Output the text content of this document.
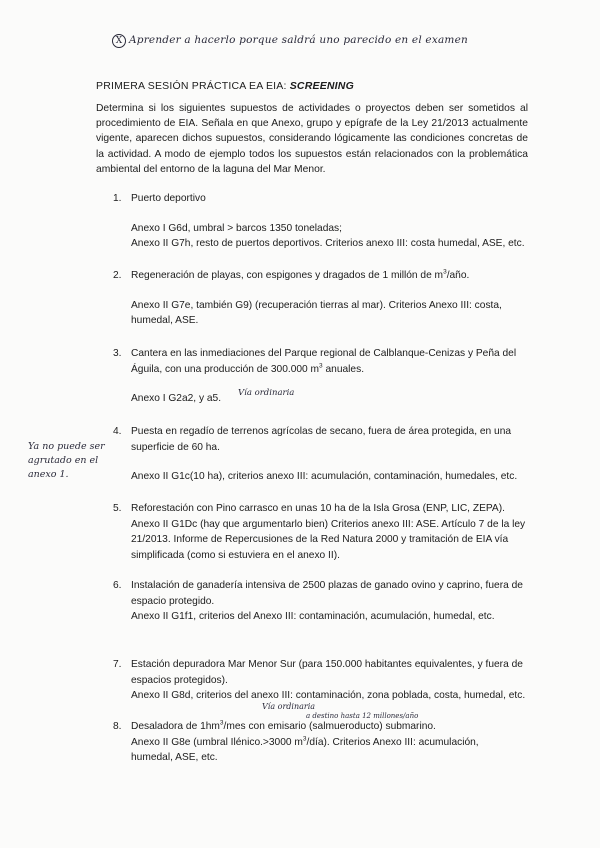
X Aprender a hacerlo porque saldrá uno parecido en el examen
PRIMERA SESIÓN PRÁCTICA EA EIA: SCREENING
Determina si los siguientes supuestos de actividades o proyectos deben ser sometidos al procedimiento de EIA. Señala en que Anexo, grupo y epígrafe de la Ley 21/2013 actualmente vigente, aparecen dichos supuestos, considerando lógicamente las condiciones concretas de la actividad. A modo de ejemplo todos los supuestos están relacionados con la problemática ambiental del entorno de la laguna del Mar Menor.
1. Puerto deportivo

Anexo I G6d, umbral > barcos 1350 toneladas;

Anexo II G7h, resto de puertos deportivos. Criterios anexo III: costa humedal, ASE, etc.

2. Regeneración de playas, con espigones y dragados de 1 millón de $m^3$/año.

Anexo II G7e, también G9) (recuperación tierras al mar). Criterios Anexo III: costa,

humedal, ASE.

3. Cantera en las inmediaciones del Parque regional de Calblanque-Cenizas y Peña del Águila, con una producción de 300.000 $m^3$ anuales.

Anexo I G2a2, y a5.	Vía ordinaria
4. Puesta en regadío de terrenos agrícolas de secano, fuera de área protegida, en una superficie de 60 ha.

Anexo II G1c(10 ha), criterios anexo III: acumulación, contaminación, humedales, etc.

Ya no puede ser agrutado en el anexo 1.
5. Reforestación con Pino carrasco en unas 10 ha de la Isla Grosa (ENP, LIC, ZEPA).

Anexo II G1Dc (hay que argumentarlo bien) Criterios anexo III: ASE. Artículo 7 de la ley

21/2013. Informe de Repercusiones de la Red Natura 2000 y tramitación de EIA vía

simplificada (como si estuviera en el anexo II).

6. Instalación de ganadería intensiva de 2500 plazas de ganado ovino y caprino, fuera de espacio protegido.

Anexo II G1f1, criterios del Anexo III: contaminación, acumulación, humedal, etc.

7. Estación depuradora Mar Menor Sur (para 150.000 habitantes equivalentes, y fuera de espacios protegidos).

Anexo II G8d, criterios del anexo III: contaminación, zona poblada, costa, humedal, etc.

Vía ordinaria
a destino hasta 12 millones/año
8. Desaladora de $1hm^3$/mes con emisario (salmueroducto) submarino.

Anexo II G8e (umbral Ilénico.>3000 $m^3/día$). Criterios Anexo III: acumulación,

humedal, ASE, etc.
